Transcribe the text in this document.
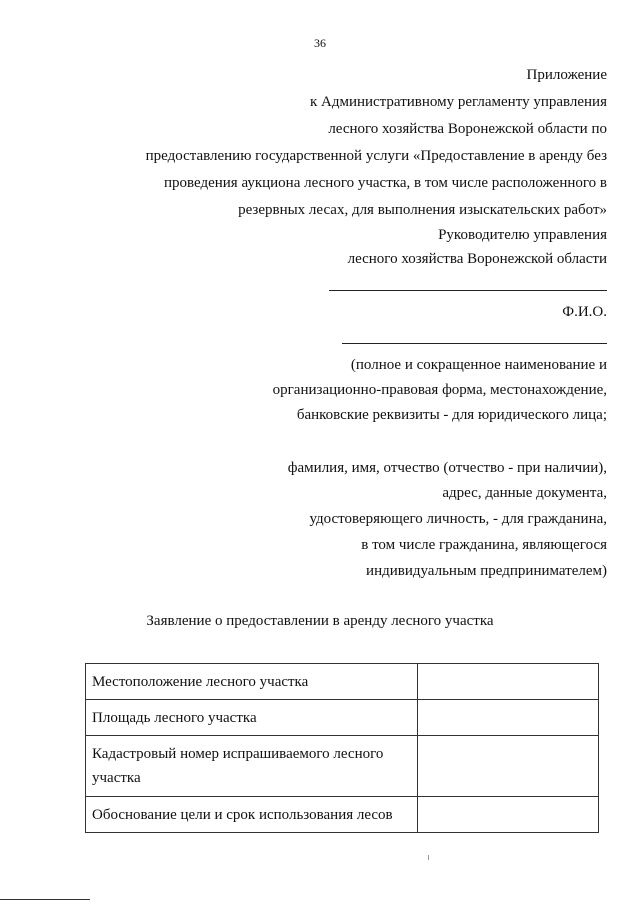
36
Приложение
к Административному регламенту управления
лесного хозяйства Воронежской области по
предоставлению государственной услуги «Предоставление в аренду без
проведения аукциона лесного участка, в том числе расположенного в
резервных лесах, для выполнения изыскательских работ»
Руководителю управления
лесного хозяйства Воронежской области
Ф.И.О.
(полное и сокращенное наименование и
организационно-правовая форма, местонахождение,
банковские реквизиты - для юридического лица;
фамилия, имя, отчество (отчество - при наличии),
адрес, данные документа,
удостоверяющего личность, - для гражданина,
в том числе гражданина, являющегося
индивидуальным предпринимателем)
Заявление о предоставлении в аренду лесного участка
Местоположение лесного участка	
Площадь лесного участка	
Кадастровый номер испрашиваемого лесного участка	
Обоснование цели и срок использования лесов	
